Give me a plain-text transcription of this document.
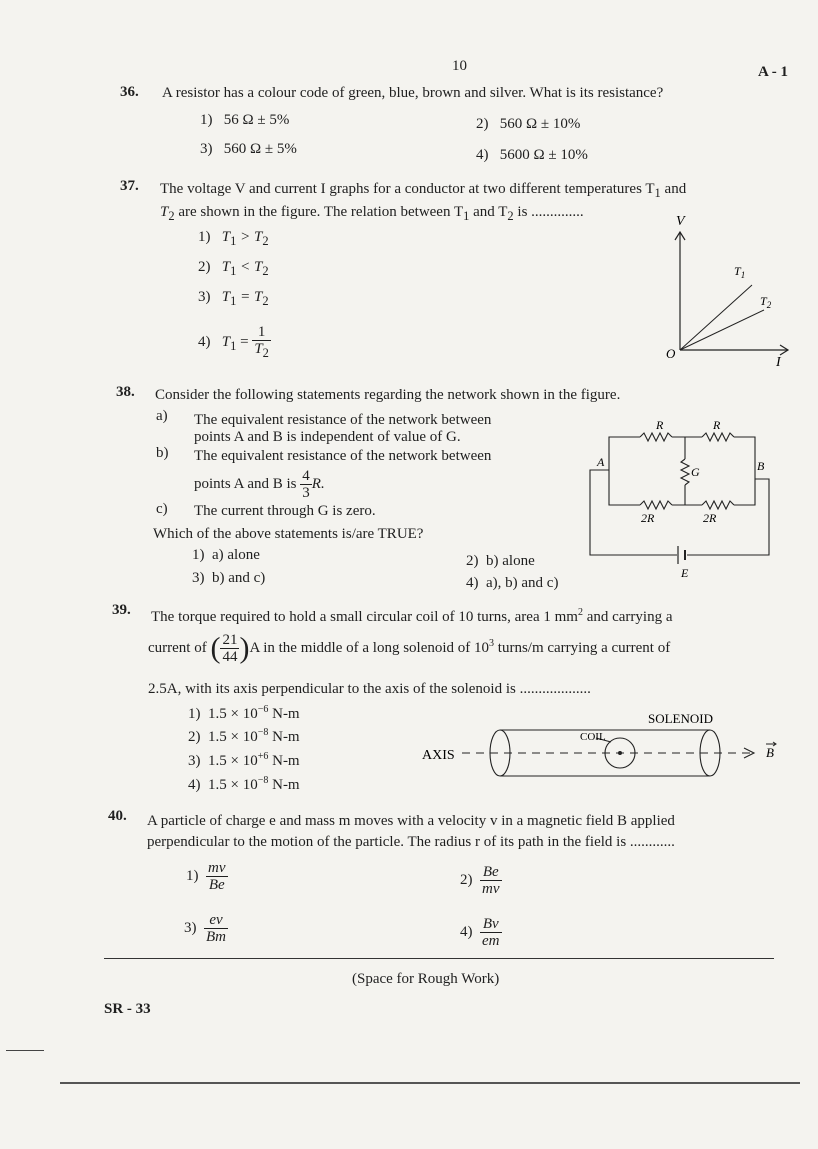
10	A - 1
36. A resistor has a colour code of green, blue, brown and silver. What is its resistance?
1) 56 Ω ± 5%	2) 560 Ω ± 10%
3) 560 Ω ± 5%	4) 5600 Ω ± 10%
37. The voltage V and current I graphs for a conductor at two different temperatures $T_1$ and
$T_2$ are shown in the figure. The relation between $T_1$ and $T_2$ is ..............
1) $T_1 > T_2$
2) $T_1 < T_2$
3) $T_1 = T_2$
4) $T_1 = \frac{1}{T_2}$
V
I
O
$T_1$
$T_2$
38. Consider the following statements regarding the network shown in the figure.
a) The equivalent resistance of the network between
points A and B is independent of value of G.
b) The equivalent resistance of the network between
points A and B is $\frac{4}{3} R$.
c) The current through G is zero.
Which of the above statements is/are TRUE?
1) a) alone	2) b) alone
3) b) and c)	4) a), b) and c)
R	R
2R	2R
G
A	B
E
39. The torque required to hold a small circular coil of 10 turns, area 1 $mm^2$ and carrying a
current of ( $\frac{21}{44} )A$ in the middle of a long solenoid of $10^3$ turns/m carrying a current of
2.5A, with its axis perpendicular to the axis of the solenoid is ...................
1) $1.5 \times 10^{-6}$ N-m
2) $1.5 \times 10^{-8}$ N-m
3) $1.5 \times 10^{+6}$ N-m
4) $1.5 \times 10^{-8}$ N-m
SOLENOID
COIL
AXIS	B
40. A particle of charge e and mass m moves with a velocity v in a magnetic field B applied
perpendicular to the motion of the particle. The radius r of its path in the field is ............
$1) \frac{mv}{Be}$	$2) \frac{Be}{mv}$
$3) \frac{ev}{Bm}$	$4) \frac{Bv}{em}$
(Space for Rough Work)
SR - 33
